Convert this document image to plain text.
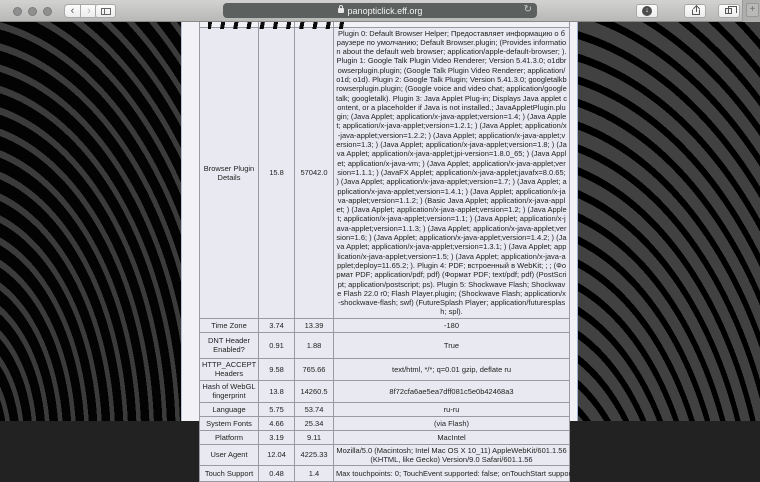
‹	›	panopticlick.eff.org	↻	↓	+

Browser Plugin Details	15.8	57042.0	Plugin 0: Default Browser Helper; Предоставляет информацию о браузере по умолчанию; Default Browser.plugin; (Provides information about the default web browser; application/apple-default-browser; ). Plugin 1: Google Talk Plugin Video Renderer; Version 5.41.3.0; o1dbrowserplugin.plugin; (Google Talk Plugin Video Renderer; application/o1d; o1d). Plugin 2: Google Talk Plugin; Version 5.41.3.0; googletalkbrowserplugin.plugin; (Google voice and video chat; application/googletalk; googletalk). Plugin 3: Java Applet Plug-in; Displays Java applet content, or a placeholder if Java is not installed.; JavaAppletPlugin.plugin; (Java Applet; application/x-java-applet;version=1.4; ) (Java Applet; application/x-java-applet;version=1.2.1; ) (Java Applet; application/x-java-applet;version=1.2.2; ) (Java Applet; application/x-java-applet;version=1.3; ) (Java Applet; application/x-java-applet;version=1.8; ) (Java Applet; application/x-java-applet;jpi-version=1.8.0_65; ) (Java Applet; application/x-java-vm; ) (Java Applet; application/x-java-applet;version=1.1.1; ) (JavaFX Applet; application/x-java-applet;javafx=8.0.65; ) (Java Applet; application/x-java-applet;version=1.7; ) (Java Applet; application/x-java-applet;version=1.4.1; ) (Java Applet; application/x-java-applet;version=1.1.2; ) (Basic Java Applet; application/x-java-applet; ) (Java Applet; application/x-java-applet;version=1.2; ) (Java Applet; application/x-java-applet;version=1.1; ) (Java Applet; application/x-java-applet;version=1.1.3; ) (Java Applet; application/x-java-applet;version=1.6; ) (Java Applet; application/x-java-applet;version=1.4.2; ) (Java Applet; application/x-java-applet;version=1.3.1; ) (Java Applet; application/x-java-applet;version=1.5; ) (Java Applet; application/x-java-applet;deploy=11.65.2; ). Plugin 4: PDF; встроенный в WebKit; ; ; (Формат PDF; application/pdf; pdf) (Формат PDF; text/pdf; pdf) (PostScript; application/postscript; ps). Plugin 5: Shockwave Flash; Shockwave Flash 22.0 r0; Flash Player.plugin; (Shockwave Flash; application/x-shockwave-flash; swf) (FutureSplash Player; application/futuresplash; spl).
Time Zone	3.74	13.39	-180
DNT Header Enabled?	0.91	1.88	True
HTTP_ACCEPT Headers	9.58	765.66	text/html, */*; q=0.01 gzip, deflate ru
Hash of WebGL fingerprint	13.8	14260.5	8f72cfa6ae5ea7dff081c5e0b42468a3
Language	5.75	53.74	ru-ru
System Fonts	4.66	25.34	(via Flash)
Platform	3.19	9.11	MacIntel
User Agent	12.04	4225.33	Mozilla/5.0 (Macintosh; Intel Mac OS X 10_11) AppleWebKit/601.1.56 (KHTML, like Gecko) Version/9.0 Safari/601.1.56
Touch Support	0.48	1.4	Max touchpoints: 0; TouchEvent supported: false; onTouchStart supported: false
